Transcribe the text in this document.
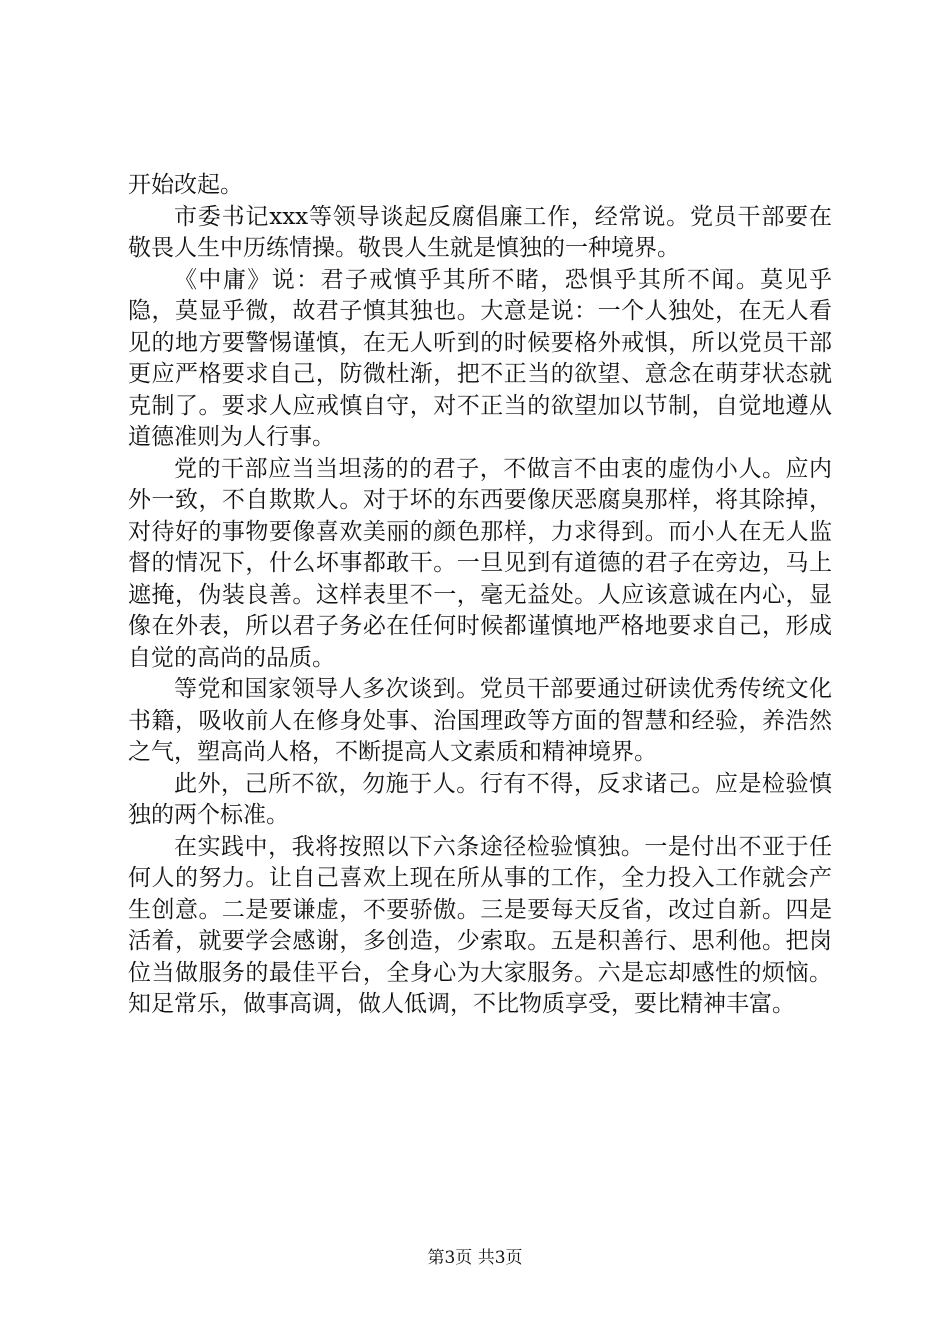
开始改起。

市委书记xxx等领导谈起反腐倡廉工作，经常说。党员干部要在敬畏人生中历练情操。敬畏人生就是慎独的一种境界。

《中庸》说：君子戒慎乎其所不睹，恐惧乎其所不闻。莫见乎隐，莫显乎微，故君子慎其独也。大意是说：一个人独处，在无人看见的地方要警惕谨慎，在无人听到的时候要格外戒惧，所以党员干部更应严格要求自己，防微杜渐，把不正当的欲望、意念在萌芽状态就克制了。要求人应戒慎自守，对不正当的欲望加以节制，自觉地遵从道德准则为人行事。

党的干部应当当坦荡的的君子，不做言不由衷的虚伪小人。应内外一致，不自欺欺人。对于坏的东西要像厌恶腐臭那样，将其除掉，对待好的事物要像喜欢美丽的颜色那样，力求得到。而小人在无人监督的情况下，什么坏事都敢干。一旦见到有道德的君子在旁边，马上遮掩，伪装良善。这样表里不一，毫无益处。人应该意诚在内心，显像在外表，所以君子务必在任何时候都谨慎地严格地要求自己，形成自觉的高尚的品质。

等党和国家领导人多次谈到。党员干部要通过研读优秀传统文化书籍，吸收前人在修身处事、治国理政等方面的智慧和经验，养浩然之气，塑高尚人格，不断提高人文素质和精神境界。

此外，己所不欲，勿施于人。行有不得，反求诸己。应是检验慎独的两个标准。

在实践中，我将按照以下六条途径检验慎独。一是付出不亚于任何人的努力。让自己喜欢上现在所从事的工作，全力投入工作就会产生创意。二是要谦虚，不要骄傲。三是要每天反省，改过自新。四是活着，就要学会感谢，多创造，少索取。五是积善行、思利他。把岗位当做服务的最佳平台，全身心为大家服务。六是忘却感性的烦恼。知足常乐，做事高调，做人低调，不比物质享受，要比精神丰富。

第3页 共3页
